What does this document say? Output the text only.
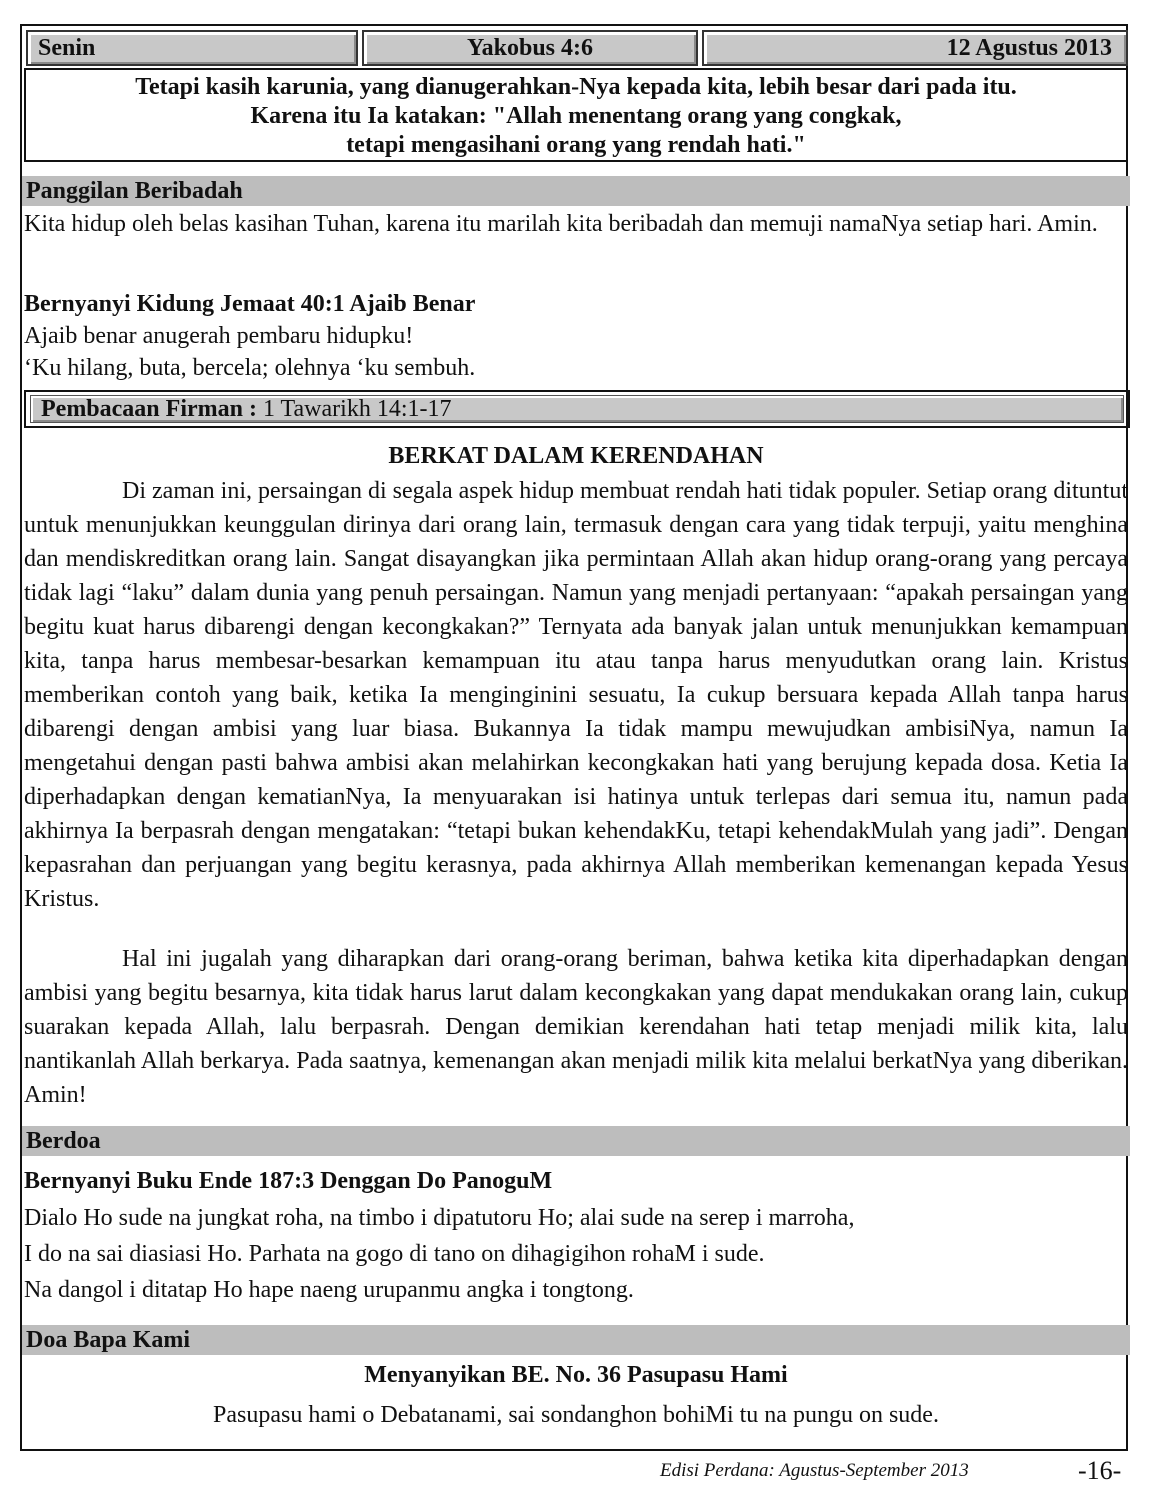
Senin	Yakobus 4:6	12 Agustus 2013
Tetapi kasih karunia, yang dianugerahkan-Nya kepada kita, lebih besar dari pada itu.
Karena itu Ia katakan: "Allah menentang orang yang congkak,
tetapi mengasihani orang yang rendah hati."
Panggilan Beribadah

Kita hidup oleh belas kasihan Tuhan, karena itu marilah kita beribadah dan memuji namaNya setiap hari. Amin.

Bernyanyi Kidung Jemaat 40:1 Ajaib Benar

Ajaib benar anugerah pembaru hidupku!

‘Ku hilang, buta, bercela; olehnya ‘ku sembuh.

Pembacaan Firman : 1 Tawarikh 14:1-17

BERKAT DALAM KERENDAHAN

Di zaman ini, persaingan di segala aspek hidup membuat rendah hati tidak populer. Setiap orang dituntut untuk menunjukkan keunggulan dirinya dari orang lain, termasuk dengan cara yang tidak terpuji, yaitu menghina dan mendiskreditkan orang lain. Sangat disayangkan jika permintaan Allah akan hidup orang-orang yang percaya tidak lagi “laku” dalam dunia yang penuh persaingan. Namun yang menjadi pertanyaan: “apakah persaingan yang begitu kuat harus dibarengi dengan kecongkakan?” Ternyata ada banyak jalan untuk menunjukkan kemampuan kita, tanpa harus membesar-besarkan kemampuan itu atau tanpa harus menyudutkan orang lain. Kristus memberikan contoh yang baik, ketika Ia menginginini sesuatu, Ia cukup bersuara kepada Allah tanpa harus dibarengi dengan ambisi yang luar biasa. Bukannya Ia tidak mampu mewujudkan ambisiNya, namun Ia mengetahui dengan pasti bahwa ambisi akan melahirkan kecongkakan hati yang berujung kepada dosa. Ketia Ia diperhadapkan dengan kematianNya, Ia menyuarakan isi hatinya untuk terlepas dari semua itu, namun pada akhirnya Ia berpasrah dengan mengatakan: “tetapi bukan kehendakKu, tetapi kehendakMulah yang jadi”. Dengan kepasrahan dan perjuangan yang begitu kerasnya, pada akhirnya Allah memberikan kemenangan kepada Yesus Kristus.

Hal ini jugalah yang diharapkan dari orang-orang beriman, bahwa ketika kita diperhadapkan dengan ambisi yang begitu besarnya, kita tidak harus larut dalam kecongkakan yang dapat mendukakan orang lain, cukup suarakan kepada Allah, lalu berpasrah. Dengan demikian kerendahan hati tetap menjadi milik kita, lalu nantikanlah Allah berkarya. Pada saatnya, kemenangan akan menjadi milik kita melalui berkatNya yang diberikan. Amin!

Berdoa

Bernyanyi Buku Ende 187:3 Denggan Do PanoguM

Dialo Ho sude na jungkat roha, na timbo i dipatutoru Ho; alai sude na serep i marroha,

I do na sai diasiasi Ho. Parhata na gogo di tano on dihagigihon rohaM i sude.

Na dangol i ditatap Ho hape naeng urupanmu angka i tongtong.

Doa Bapa Kami

Menyanyikan BE. No. 36 Pasupasu Hami

Pasupasu hami o Debatanami, sai sondanghon bohiMi tu na pungu on sude.

Edisi Perdana: Agustus-September 2013	-16-
